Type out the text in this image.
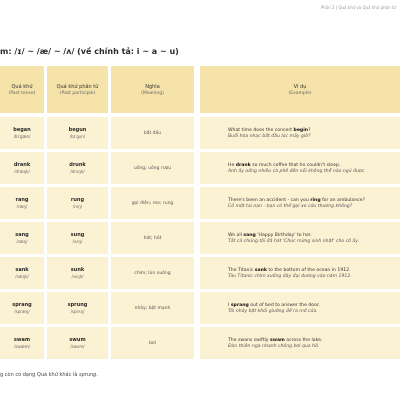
Phần 2 | Quá khứ và Quá khứ phân từ
m: /ɪ/ ~ /æ/ ~ /ʌ/ (về chính tả: i ~ a ~ u)
Quá khứ
(Past tense)
Quá khứ phân từ
(Past participle)
Nghĩa
(Meaning)
Ví dụ
(Example)
began
/bɪˈgæn/
begun
/bɪˈgʌn/
bắt đầu
What time does the concert begin?
Buổi hòa nhạc bắt đầu lúc mấy giờ?
drank
/dræŋk/
drunk
/drʌŋk/
uống; uống rượu
He drank so much coffee that he couldn't sleep.
Anh ấy uống nhiều cà phê đến nỗi không thể nào ngủ được.
rang
/ræŋ/
rung
/rʌŋ/
gọi điện; reo; rung
There's been an accident - can you ring for an ambulance?
Có một tai nạn - bạn có thể gọi xe cứu thương không?
sang
/sæŋ/
sung
/sʌŋ/
hát; hót
We all sang 'Happy Birthday' to her.
Tất cả chúng tôi đã hát 'Chúc mừng sinh nhật' cho cô ấy.
sank
/sæŋk/
sunk
/sʌŋk/
chìm; lún xuống
The Titanic sank to the bottom of the ocean in 1912.
Tàu Titanic chìm xuống đáy đại dương vào năm 1912.
sprang
/spræŋ/
sprung
/sprʌŋ/
nhảy; bật mạnh
I sprang out of bed to answer the door.
Tôi nhảy bật khỏi giường để ra mở cửa.
swam
/swæm/
swum
/swʌm/
bơi
The swans swiftly swam across the lake.
Đàn thiên nga nhanh chóng bơi qua hồ.
g còn có dạng Quá khứ khác là sprung.
